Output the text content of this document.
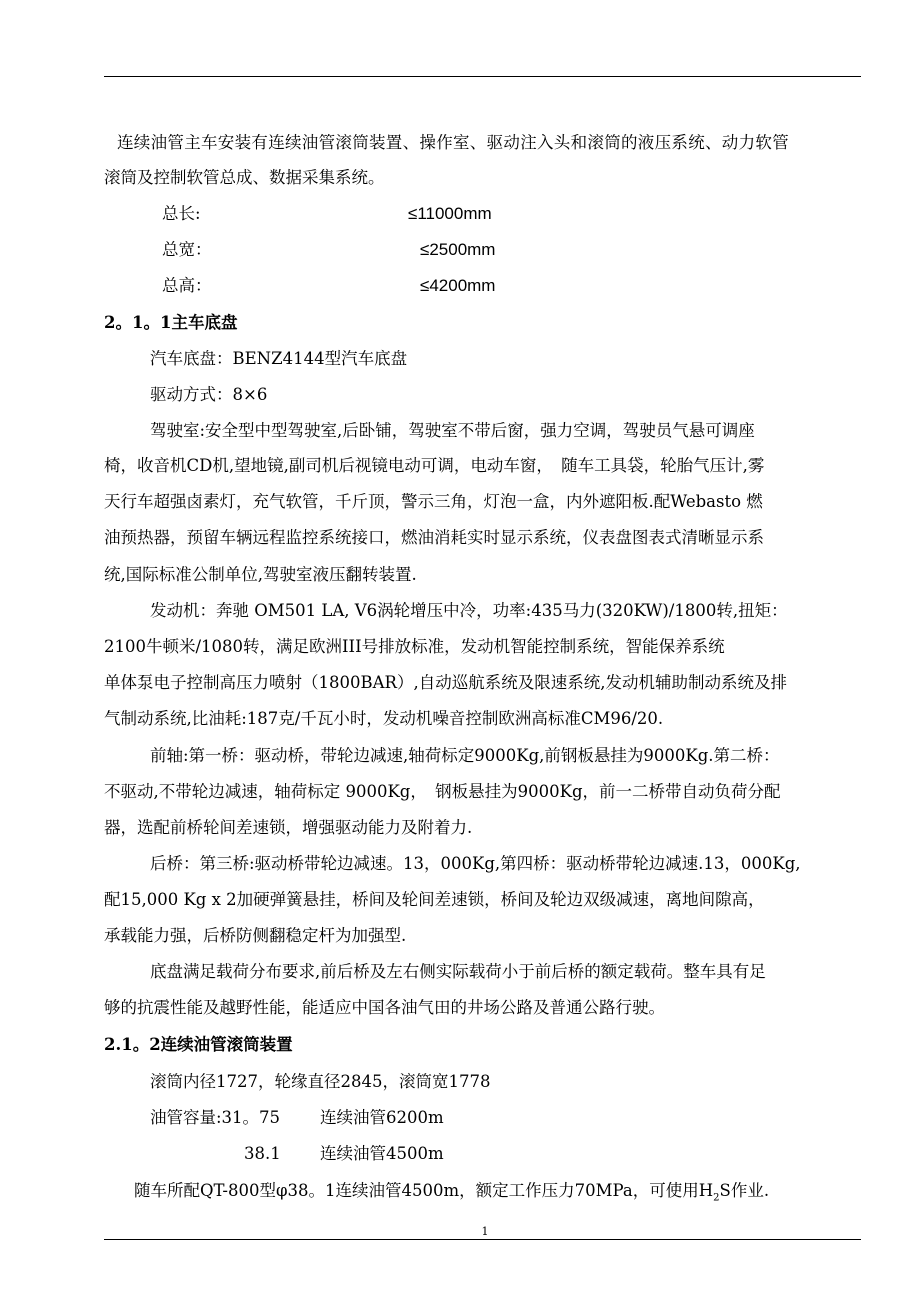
连续油管主车安装有连续油管滚筒装置、操作室、驱动注入头和滚筒的液压系统、动力软管
滚筒及控制软管总成、数据采集系统。
总长:	≤11000mm
总宽：	≤2500mm
总高：	≤4200mm
2。1。1主车底盘
汽车底盘：BENZ4144型汽车底盘
驱动方式：8×6
驾驶室:安全型中型驾驶室,后卧铺，驾驶室不带后窗，强力空调，驾驶员气悬可调座
椅，收音机CD机,望地镜,副司机后视镜电动可调，电动车窗，　随车工具袋，轮胎气压计,雾
天行车超强卤素灯，充气软管，千斤顶，警示三角，灯泡一盒，内外遮阳板.配Webasto 燃
油预热器，预留车辆远程监控系统接口，燃油消耗实时显示系统，仪表盘图表式清晰显示系
统,国际标准公制单位,驾驶室液压翻转装置.
发动机：奔驰 OM501 LA, V6涡轮增压中冷，功率:435马力(320KW)/1800转,扭矩：
2100牛顿米/1080转，满足欧洲III号排放标准，发动机智能控制系统，智能保养系统
单体泵电子控制高压力喷射（1800BAR）,自动巡航系统及限速系统,发动机辅助制动系统及排
气制动系统,比油耗:187克/千瓦小时，发动机噪音控制欧洲高标准CM96/20.
前轴:第一桥：驱动桥，带轮边减速,轴荷标定9000Kg,前钢板悬挂为9000Kg.第二桥：
不驱动,不带轮边减速，轴荷标定 9000Kg，　钢板悬挂为9000Kg，前一二桥带自动负荷分配
器，选配前桥轮间差速锁，增强驱动能力及附着力.
后桥：第三桥:驱动桥带轮边减速。13，000Kg,第四桥：驱动桥带轮边减速.13，000Kg,
配15,000 Kg x 2加硬弹簧悬挂，桥间及轮间差速锁，桥间及轮边双级减速，离地间隙高，
承载能力强，后桥防侧翻稳定杆为加强型.
底盘满足载荷分布要求,前后桥及左右侧实际载荷小于前后桥的额定载荷。整车具有足
够的抗震性能及越野性能，能适应中国各油气田的井场公路及普通公路行驶。
2.1。2连续油管滚筒装置
滚筒内径1727，轮缘直径2845，滚筒宽1778
油管容量:31。75 连续油管6200m
38.1 连续油管4500m
随车所配QT-800型φ38。1连续油管4500m，额定工作压力70MPa，可使用$H_2S$作业.
1
